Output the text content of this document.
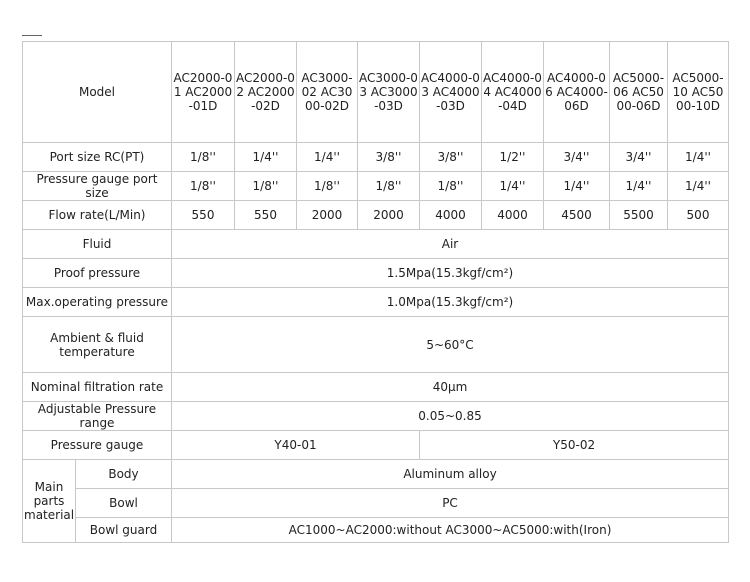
Model		AC2000-01 AC2000-01D	AC2000-02 AC2000-02D	AC3000-02 AC3000-02D	AC3000-03 AC3000-03D	AC4000-03 AC4000-03D	AC4000-04 AC4000-04D	AC4000-06 AC4000-06D	AC5000-06 AC5000-06D	AC5000-10 AC5000-10D
Port size RC(PT)		1/8''	1/4''	1/4''	3/8''	3/8''	1/2''	3/4''	3/4''	1/4''
Pressure gauge port size		1/8''	1/8''	1/8''	1/8''	1/8''	1/4''	1/4''	1/4''	1/4''
Flow rate(L/Min)		550	550	2000	2000	4000	4000	4500	5500	500
Fluid		Air								
Proof pressure		1.5Mpa(15.3kgf/cm²)								
Max.operating pressure		1.0Mpa(15.3kgf/cm²)								
Ambient & fluid temperature		5~60°C								
Nominal filtration rate		40μm								
Adjustable Pressure range		0.05~0.85								
Pressure gauge		Y40-01				Y50-02				
Main parts material	Body	Aluminum alloy								
	Bowl	PC								
	Bowl guard	AC1000~AC2000:without AC3000~AC5000:with(Iron)								
